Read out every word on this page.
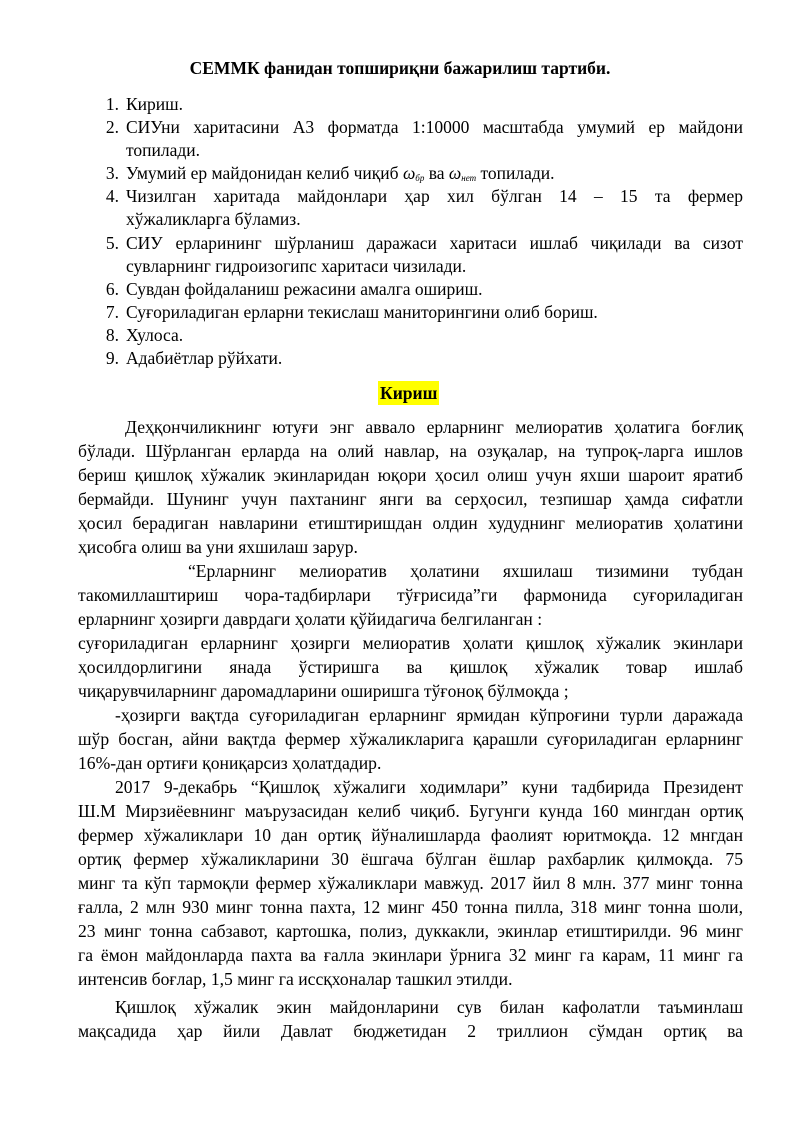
СЕММК фанидан топшириқни бажарилиш тартиби.
1. Кириш.
2. СИУни харитасини А3 форматда 1:10000 масштабда умумий ер майдони
топилади.
3. Умумий ер майдонидан келиб чиқиб $\omega_{бр}$ ва $\omega_{нет}$ топилади.
4. Чизилган харитада майдонлари ҳар хил бўлган 14 – 15 та фермер
хўжаликларга бўламиз.
5. СИУ ерларининг шўрланиш даражаси харитаси ишлаб чиқилади ва сизот
сувларнинг гидроизогипс харитаси чизилади.
6. Сувдан фойдаланиш режасини амалга ошириш.
7. Суғориладиган ерларни текислаш маниторингини олиб бориш.
8. Хулоса.
9. Адабиётлар рўйхати.
Кириш
Деҳқончиликнинг ютуғи энг аввало ерларнинг мелиоратив ҳолатига боғлиқ
бўлади. Шўрланган ерларда на олий навлар, на озуқалар, на тупроқ-ларга ишлов
бериш қишлоқ хўжалик экинларидан юқори ҳосил олиш учун яхши шароит яратиб
бермайди. Шунинг учун пахтанинг янги ва серҳосил, тезпишар ҳамда сифатли
ҳосил берадиган навларини етиштиришдан олдин худуднинг мелиоратив ҳолатини
ҳисобга олиш ва уни яхшилаш зарур.
“Ерларнинг мелиоратив ҳолатини яхшилаш тизимини тубдан
такомиллаштириш чора-тадбирлари тўғрисида”ги фармонида суғориладиган
ерларнинг ҳозирги даврдаги ҳолати қўйидагича белгиланган :
суғориладиган ерларнинг ҳозирги мелиоратив ҳолати қишлоқ хўжалик экинлари
ҳосилдорлигини янада ўстиришга ва қишлоқ хўжалик товар ишлаб
чиқарувчиларнинг даромадларини оширишга тўғоноқ бўлмоқда ;
-ҳозирги вақтда суғориладиган ерларнинг ярмидан кўпроғини турли даражада
шўр босган, айни вақтда фермер хўжаликларига қарашли суғориладиган ерларнинг
16%-дан ортиғи қониқарсиз ҳолатдадир.
2017 9-декабрь “Қишлоқ хўжалиги ходимлари” куни тадбирида Президент
Ш.М Мирзиёевнинг маърузасидан келиб чиқиб. Бугунги кунда 160 мингдан ортиқ
фермер хўжаликлари 10 дан ортиқ йўналишларда фаолият юритмоқда. 12 мнгдан
ортиқ фермер хўжаликларини 30 ёшгача бўлган ёшлар рахбарлик қилмоқда. 75
минг та кўп тармоқли фермер хўжаликлари мавжуд. 2017 йил 8 млн. 377 минг тонна
ғалла, 2 млн 930 минг тонна пахта, 12 минг 450 тонна пилла, 318 минг тонна шоли,
23 минг тонна сабзавот, картошка, полиз, дуккакли, экинлар етиштирилди. 96 минг
га ёмон майдонларда пахта ва ғалла экинлари ўрнига 32 минг га карам, 11 минг га
интенсив боғлар, 1,5 минг га иссқхоналар ташкил этилди.
Қишлоқ хўжалик экин майдонларини сув билан кафолатли таъминлаш
мақсадида ҳар йили Давлат бюджетидан 2 триллион сўмдан ортиқ ва
